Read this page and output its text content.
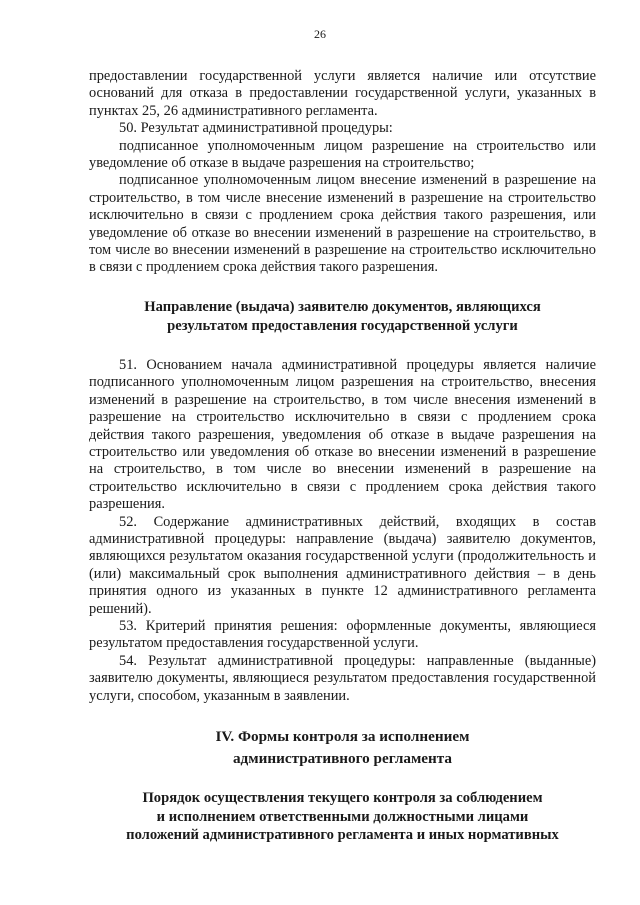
26

предоставлении государственной услуги является наличие или отсутствие оснований для отказа в предоставлении государственной услуги, указанных в пунктах 25, 26 административного регламента.

50. Результат административной процедуры:

подписанное уполномоченным лицом разрешение на строительство или уведомление об отказе в выдаче разрешения на строительство;

подписанное уполномоченным лицом внесение изменений в разрешение на строительство, в том числе внесение изменений в разрешение на строительство исключительно в связи с продлением срока действия такого разрешения, или уведомление об отказе во внесении изменений в разрешение на строительство, в том числе во внесении изменений в разрешение на строительство исключительно в связи с продлением срока действия такого разрешения.

Направление (выдача) заявителю документов, являющихся
результатом предоставления государственной услуги

51. Основанием начала административной процедуры является наличие подписанного уполномоченным лицом разрешения на строительство, внесения изменений в разрешение на строительство, в том числе внесения изменений в разрешение на строительство исключительно в связи с продлением срока действия такого разрешения, уведомления об отказе в выдаче разрешения на строительство или уведомления об отказе во внесении изменений в разрешение на строительство, в том числе во внесении изменений в разрешение на строительство исключительно в связи с продлением срока действия такого разрешения.

52. Содержание административных действий, входящих в состав административной процедуры: направление (выдача) заявителю документов, являющихся результатом оказания государственной услуги (продолжительность и (или) максимальный срок выполнения административного действия – в день принятия одного из указанных в пункте 12 административного регламента решений).

53. Критерий принятия решения: оформленные документы, являющиеся результатом предоставления государственной услуги.

54. Результат административной процедуры: направленные (выданные) заявителю документы, являющиеся результатом предоставления государственной услуги, способом, указанным в заявлении.

IV. Формы контроля за исполнением
административного регламента
Порядок осуществления текущего контроля за соблюдением
и исполнением ответственными должностными лицами
положений административного регламента и иных нормативных
